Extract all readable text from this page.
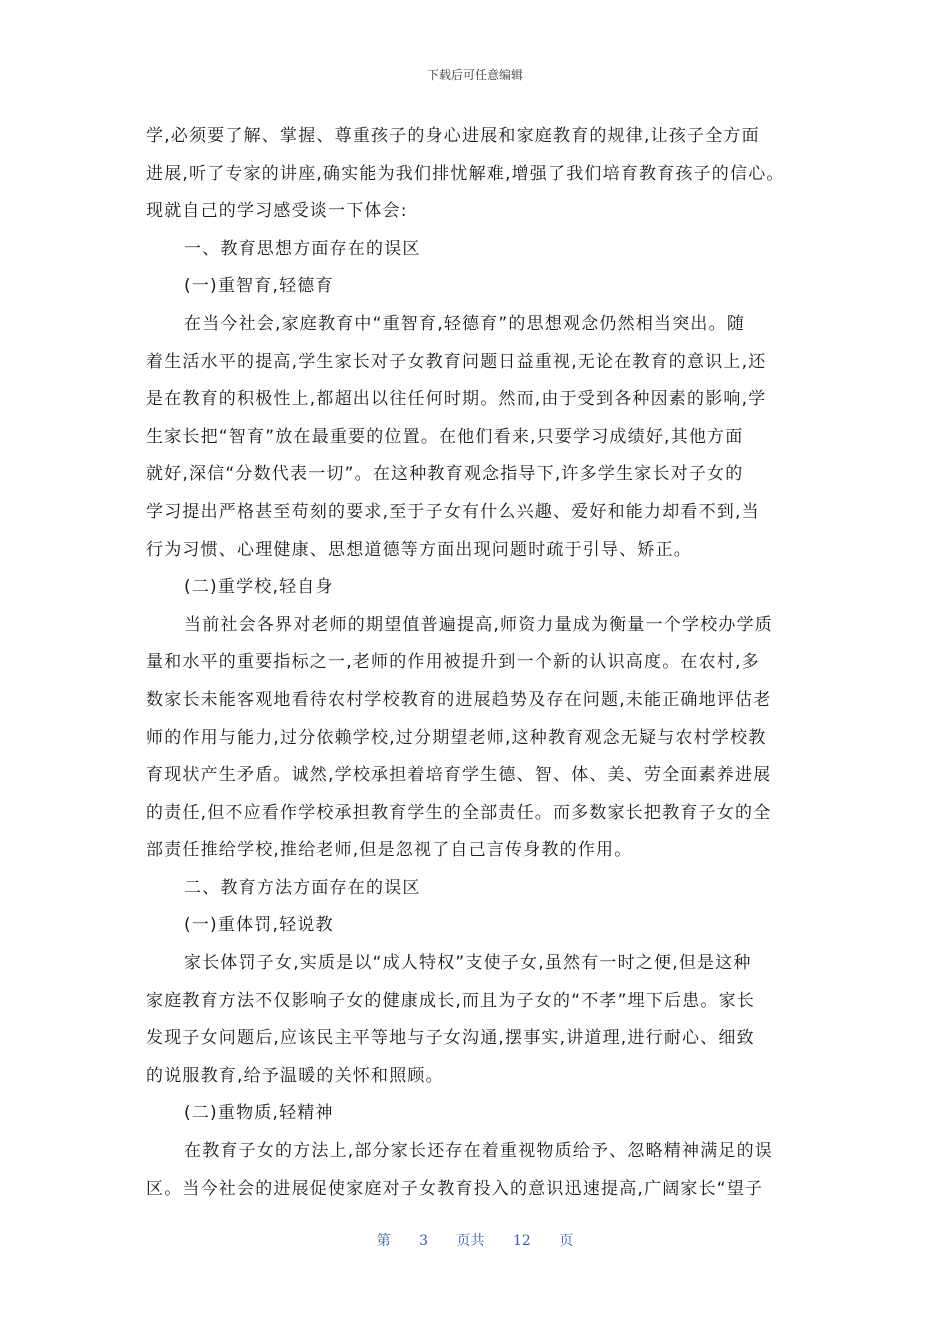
下载后可任意编辑
学,必须要了解、掌握、尊重孩子的身心进展和家庭教育的规律,让孩子全方面
进展,听了专家的讲座,确实能为我们排忧解难,增强了我们培育教育孩子的信心。
现就自己的学习感受谈一下体会:
一、教育思想方面存在的误区
(一)重智育,轻德育
在当今社会,家庭教育中“重智育,轻德育”的思想观念仍然相当突出。随
着生活水平的提高,学生家长对子女教育问题日益重视,无论在教育的意识上,还
是在教育的积极性上,都超出以往任何时期。然而,由于受到各种因素的影响,学
生家长把“智育”放在最重要的位置。在他们看来,只要学习成绩好,其他方面
就好,深信“分数代表一切”。在这种教育观念指导下,许多学生家长对子女的
学习提出严格甚至苟刻的要求,至于子女有什么兴趣、爱好和能力却看不到,当
行为习惯、心理健康、思想道德等方面出现问题时疏于引导、矫正。
(二)重学校,轻自身
当前社会各界对老师的期望值普遍提高,师资力量成为衡量一个学校办学质
量和水平的重要指标之一,老师的作用被提升到一个新的认识高度。在农村,多
数家长未能客观地看待农村学校教育的进展趋势及存在问题,未能正确地评估老
师的作用与能力,过分依赖学校,过分期望老师,这种教育观念无疑与农村学校教
育现状产生矛盾。诚然,学校承担着培育学生德、智、体、美、劳全面素养进展
的责任,但不应看作学校承担教育学生的全部责任。而多数家长把教育子女的全
部责任推给学校,推给老师,但是忽视了自己言传身教的作用。
二、教育方法方面存在的误区
(一)重体罚,轻说教
家长体罚子女,实质是以“成人特权”支使子女,虽然有一时之便,但是这种
家庭教育方法不仅影响子女的健康成长,而且为子女的“不孝”埋下后患。家长
发现子女问题后,应该民主平等地与子女沟通,摆事实,讲道理,进行耐心、细致
的说服教育,给予温暖的关怀和照顾。
(二)重物质,轻精神
在教育子女的方法上,部分家长还存在着重视物质给予、忽略精神满足的误
区。当今社会的进展促使家庭对子女教育投入的意识迅速提高,广阔家长“望子
第 3 页共 12 页
